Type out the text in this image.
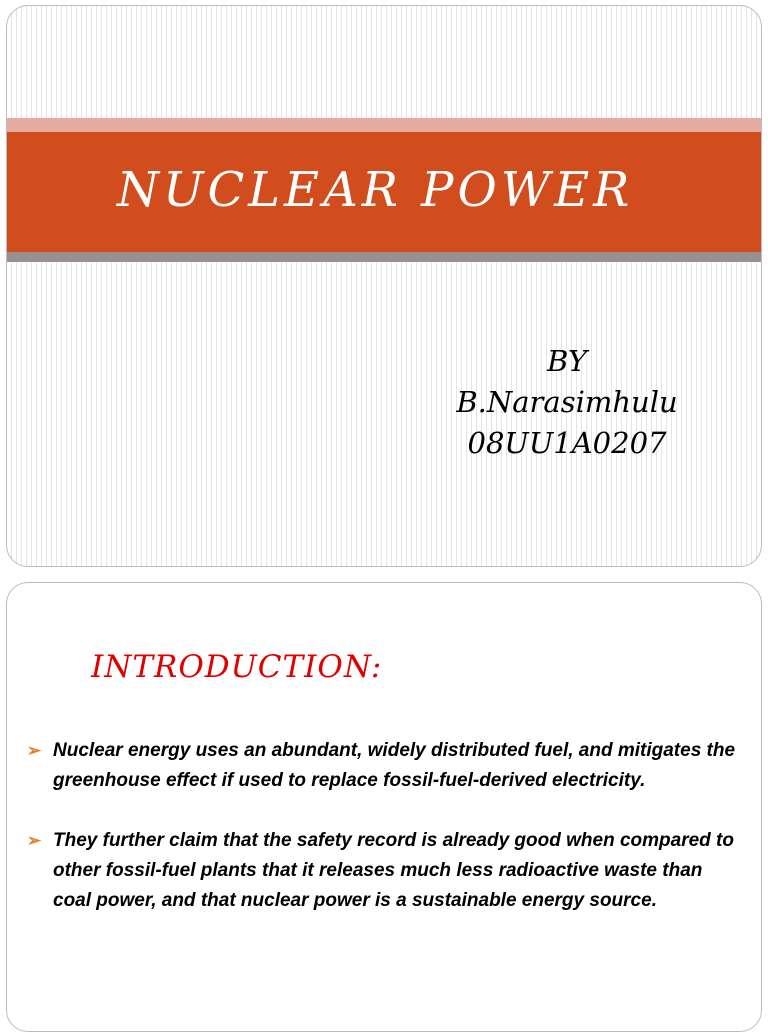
NUCLEAR POWER
BY
B.Narasimhulu
08UU1A0207
INTRODUCTION:
➢ Nuclear energy uses an abundant, widely distributed fuel, and mitigates the greenhouse effect if used to replace fossil-fuel-derived electricity.
➢ They further claim that the safety record is already good when compared to other fossil-fuel plants that it releases much less radioactive waste than coal power, and that nuclear power is a sustainable energy source.
